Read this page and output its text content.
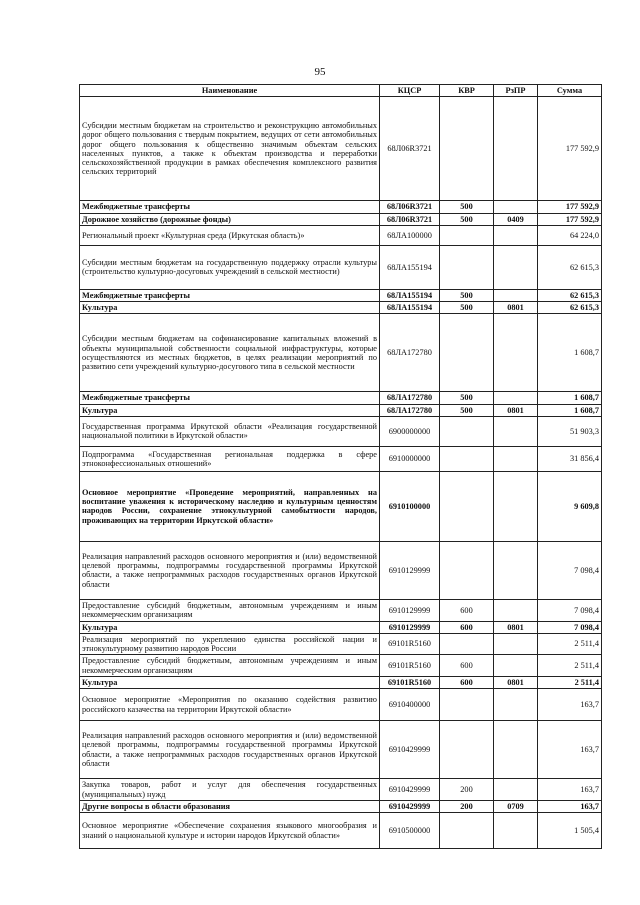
95
Наименование	КЦСР	КВР	РзПР	Сумма
Субсидии местным бюджетам на строительство и реконструкцию автомобильных дорог общего пользования с твердым покрытием, ведущих от сети автомобильных дорог общего пользования к общественно значимым объектам сельских населенных пунктов, а также к объектам производства и переработки сельскохозяйственной продукции в рамках обеспечения комплексного развития сельских территорий	68Л06R3721			177 592,9
Межбюджетные трансферты	68Л06R3721	500		177 592,9
Дорожное хозяйство (дорожные фонды)	68Л06R3721	500	0409	177 592,9
Региональный проект «Культурная среда (Иркутская область)»	68ЛА100000			64 224,0
Субсидии местным бюджетам на государственную поддержку отрасли культуры (строительство культурно-досуговых учреждений в сельской местности)	68ЛА155194			62 615,3
Межбюджетные трансферты	68ЛА155194	500		62 615,3
Культура	68ЛА155194	500	0801	62 615,3
Субсидии местным бюджетам на софинансирование капитальных вложений в объекты муниципальной собственности социальной инфраструктуры, которые осуществляются из местных бюджетов, в целях реализации мероприятий по развитию сети учреждений культурно-досугового типа в сельской местности	68ЛА172780			1 608,7
Межбюджетные трансферты	68ЛА172780	500		1 608,7
Культура	68ЛА172780	500	0801	1 608,7
Государственная программа Иркутской области «Реализация государственной национальной политики в Иркутской области»	6900000000			51 903,3
Подпрограмма «Государственная региональная поддержка в сфере этноконфессиональных отношений»	6910000000			31 856,4
Основное мероприятие «Проведение мероприятий, направленных на воспитание уважения к историческому наследию и культурным ценностям народов России, сохранение этнокультурной самобытности народов, проживающих на территории Иркутской области»	6910100000			9 609,8
Реализация направлений расходов основного мероприятия и (или) ведомственной целевой программы, подпрограммы государственной программы Иркутской области, а также непрограммных расходов государственных органов Иркутской области	6910129999			7 098,4
Предоставление субсидий бюджетным, автономным учреждениям и иным некоммерческим организациям	6910129999	600		7 098,4
Культура	6910129999	600	0801	7 098,4
Реализация мероприятий по укреплению единства российской нации и этнокультурному развитию народов России	69101R5160			2 511,4
Предоставление субсидий бюджетным, автономным учреждениям и иным некоммерческим организациям	69101R5160	600		2 511,4
Культура	69101R5160	600	0801	2 511,4
Основное мероприятие «Мероприятия по оказанию содействия развитию российского казачества на территории Иркутской области»	6910400000			163,7
Реализация направлений расходов основного мероприятия и (или) ведомственной целевой программы, подпрограммы государственной программы Иркутской области, а также непрограммных расходов государственных органов Иркутской области	6910429999			163,7
Закупка товаров, работ и услуг для обеспечения государственных (муниципальных) нужд	6910429999	200		163,7
Другие вопросы в области образования	6910429999	200	0709	163,7
Основное мероприятие «Обеспечение сохранения языкового многообразия и знаний о национальной культуре и истории народов Иркутской области»	6910500000			1 505,4
